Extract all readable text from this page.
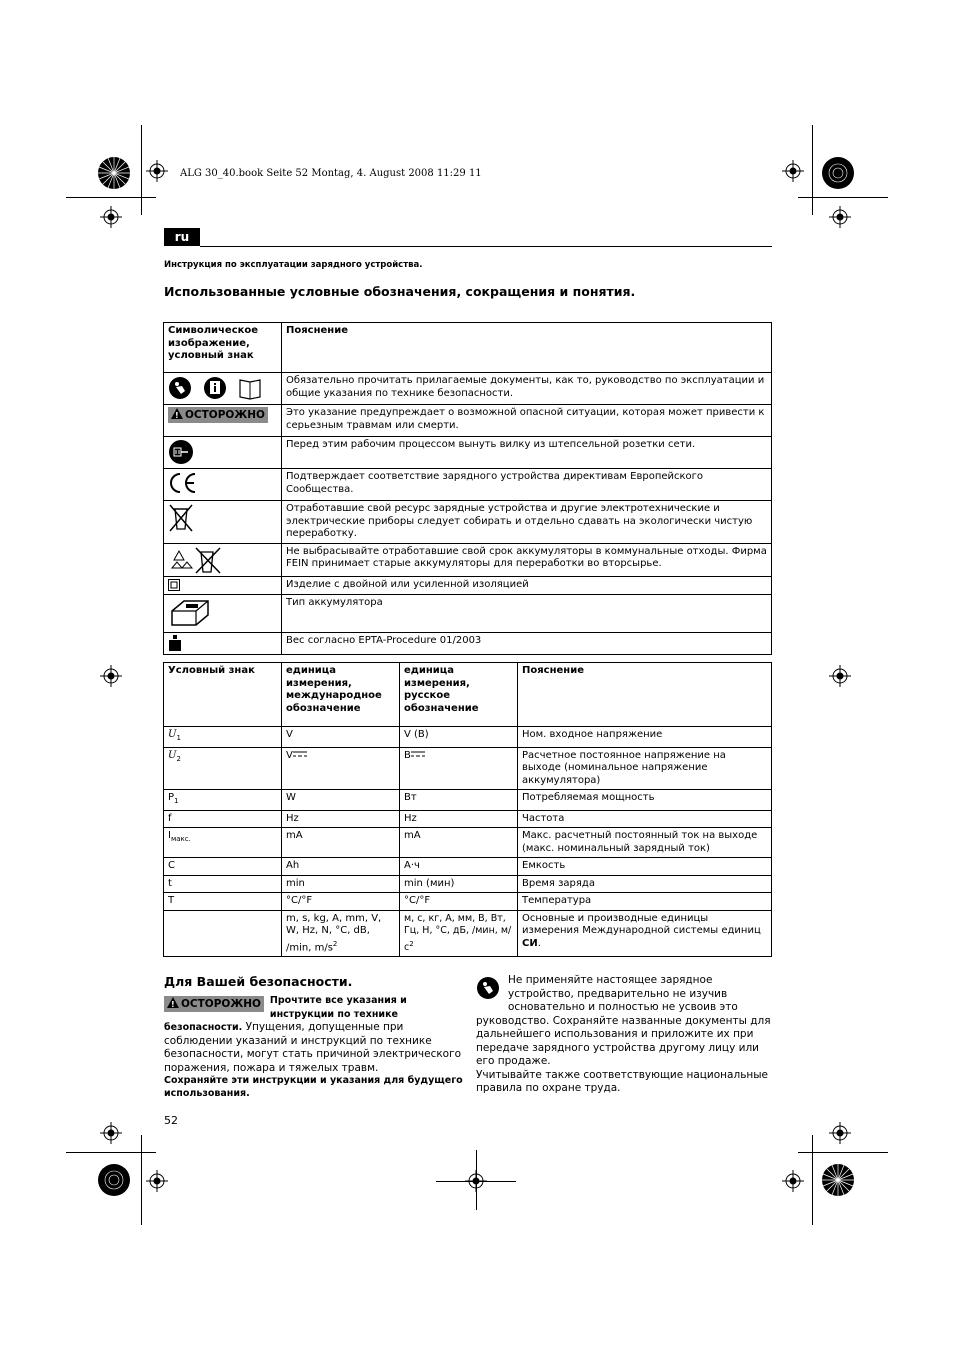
ALG 30_40.book Seite 52 Montag, 4. August 2008 11:29 11
ru
Инструкция по эксплуатации зарядного устройства.
Использованные условные обозначения, сокращения и понятия.
Символическое изображение, условный знак	Пояснение
	Обязательно прочитать прилагаемые документы, как то, руководство по эксплуатации и общие указания по технике безопасности.
!ОСТОРОЖНО	Это указание предупреждает о возможной опасной ситуации, которая может привести к серьезным травмам или смерти.
	Перед этим рабочим процессом вынуть вилку из штепсельной розетки сети.
	Подтверждает соответствие зарядного устройства директивам Европейского Сообщества.
	Отработавшие свой ресурс зарядные устройства и другие электротехнические и электрические приборы следует собирать и отдельно сдавать на экологически чистую переработку.
	Не выбрасывайте отработавшие свой срок аккумуляторы в коммунальные отходы. Фирма FEIN принимает старые аккумуляторы для переработки во вторсырье.
	Изделие с двойной или усиленной изоляцией
	Тип аккумулятора
	Вес согласно EPTA-Procedure 01/2003
Условный знак	единица измерения, международное обозначение	единица измерения, русское обозначение	Пояснение
$U_1$	V	V (B)	Ном. входное напряжение
$U_2$	V	B	Расчетное постоянное напряжение на выходе (номинальное напряжение аккумулятора)
$P_1$	W	Вт	Потребляемая мощность
f	Hz	Hz	Частота
$I_{макс.}$	mA	mA	Макс. расчетный постоянный ток на выходе (макс. номинальный зарядный ток)
C	Ah	А·ч	Емкость
t	min	min (мин)	Время заряда
T	°C/°F	°C/°F	Температура
	m, s, kg, A, mm, V, W, Hz, N, °C, dB, /min, $m/s^2$	м, с, кг, А, мм, В, Вт, Гц, Н, °С, дБ, /мин, $м/с^2$	Основные и производные единицы измерения Международной системы единиц СИ.
Для Вашей безопасности.
!ОСТОРОЖНО Прочтите все указания и инструкции по технике безопасности. Упущения, допущенные при соблюдении указаний и инструкций по технике безопасности, могут стать причиной электрического поражения, пожара и тяжелых травм.
Сохраняйте эти инструкции и указания для будущего использования.
Не применяйте настоящее зарядное устройство, предварительно не изучив основательно и полностью не усвоив это руководство. Сохраняйте названные документы для дальнейшего использования и приложите их при передаче зарядного устройства другому лицу или его продаже.
Учитывайте также соответствующие национальные правила по охране труда.
52
